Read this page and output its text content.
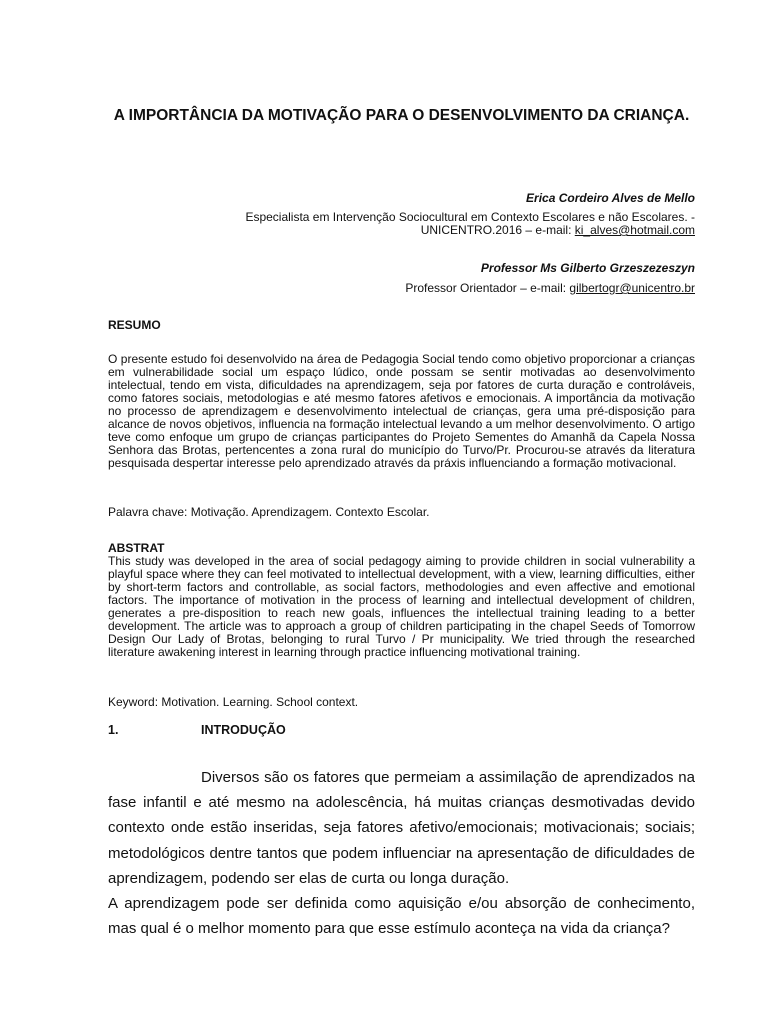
A IMPORTÂNCIA DA MOTIVAÇÃO PARA O DESENVOLVIMENTO DA CRIANÇA.
Erica Cordeiro Alves de Mello
Especialista em Intervenção Sociocultural em Contexto Escolares e não Escolares. -
UNICENTRO.2016 – e-mail: ki_alves@hotmail.com
Professor Ms Gilberto Grzeszezeszyn
Professor Orientador – e-mail: gilbertogr@unicentro.br
RESUMO
O presente estudo foi desenvolvido na área de Pedagogia Social tendo como objetivo proporcionar a crianças em vulnerabilidade social um espaço lúdico, onde possam se sentir motivadas ao desenvolvimento intelectual, tendo em vista, dificuldades na aprendizagem, seja por fatores de curta duração e controláveis, como fatores sociais, metodologias e até mesmo fatores afetivos e emocionais. A importância da motivação no processo de aprendizagem e desenvolvimento intelectual de crianças, gera uma pré-disposição para alcance de novos objetivos, influencia na formação intelectual levando a um melhor desenvolvimento. O artigo teve como enfoque um grupo de crianças participantes do Projeto Sementes do Amanhã da Capela Nossa Senhora das Brotas, pertencentes a zona rural do município do Turvo/Pr. Procurou-se através da literatura pesquisada despertar interesse pelo aprendizado através da práxis influenciando a formação motivacional.
Palavra chave: Motivação. Aprendizagem. Contexto Escolar.
ABSTRAT
This study was developed in the area of social pedagogy aiming to provide children in social vulnerability a playful space where they can feel motivated to intellectual development, with a view, learning difficulties, either by short-term factors and controllable, as social factors, methodologies and even affective and emotional factors. The importance of motivation in the process of learning and intellectual development of children, generates a pre-disposition to reach new goals, influences the intellectual training leading to a better development. The article was to approach a group of children participating in the chapel Seeds of Tomorrow Design Our Lady of Brotas, belonging to rural Turvo / Pr municipality. We tried through the researched literature awakening interest in learning through practice influencing motivational training.
Keyword: Motivation. Learning. School context.
1.	INTRODUÇÃO
Diversos são os fatores que permeiam a assimilação de aprendizados na fase infantil e até mesmo na adolescência, há muitas crianças desmotivadas devido contexto onde estão inseridas, seja fatores afetivo/emocionais; motivacionais; sociais; metodológicos dentre tantos que podem influenciar na apresentação de dificuldades de aprendizagem, podendo ser elas de curta ou longa duração.
A aprendizagem pode ser definida como aquisição e/ou absorção de conhecimento, mas qual é o melhor momento para que esse estímulo aconteça na vida da criança?
